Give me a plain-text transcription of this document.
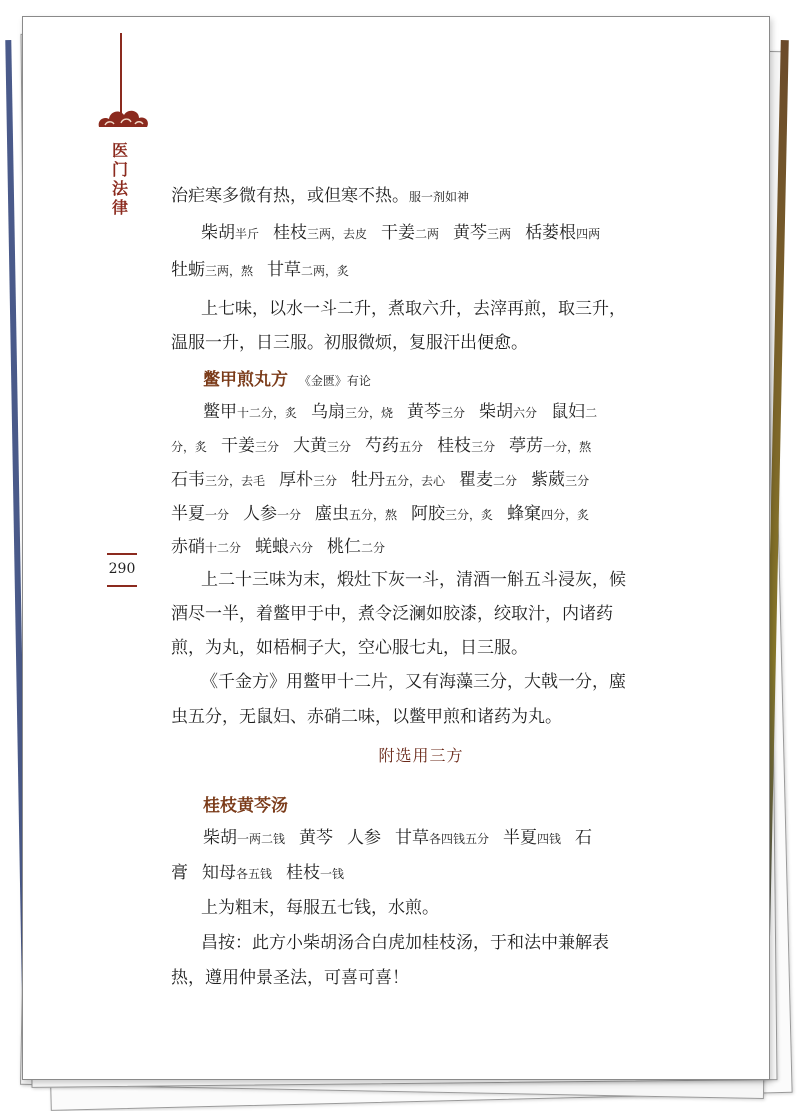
医门法律
290
治疟寒多微有热，或但寒不热。服一剂如神
柴胡半斤 桂枝三两，去皮 干姜二两 黄芩三两 栝蒌根四两
牡蛎三两，熬 甘草二两，炙
上七味，以水一斗二升，煮取六升，去滓再煎，取三升，
温服一升，日三服。初服微烦，复服汗出便愈。
鳖甲煎丸方 《金匮》有论
鳖甲十二分，炙 乌扇三分，烧 黄芩三分 柴胡六分 鼠妇二
分，炙 干姜三分 大黄三分 芍药五分 桂枝三分 葶苈一分，熬
石韦三分，去毛 厚朴三分 牡丹五分，去心 瞿麦二分 紫葳三分
半夏一分 人参一分 䗪虫五分，熬 阿胶三分，炙 蜂窠四分，炙
赤硝十二分 蜣蜋六分 桃仁二分
上二十三味为末，煅灶下灰一斗，清酒一斛五斗浸灰，候
酒尽一半，着鳖甲于中，煮令泛澜如胶漆，绞取汁，内诸药
煎，为丸，如梧桐子大，空心服七丸，日三服。
《千金方》用鳖甲十二片，又有海藻三分，大戟一分，䗪
虫五分，无鼠妇、赤硝二味，以鳖甲煎和诸药为丸。
附选用三方
桂枝黄芩汤
柴胡一两二钱 黄芩 人参 甘草各四钱五分 半夏四钱 石
膏 知母各五钱 桂枝一钱
上为粗末，每服五七钱，水煎。
昌按：此方小柴胡汤合白虎加桂枝汤，于和法中兼解表
热，遵用仲景圣法，可喜可喜！
